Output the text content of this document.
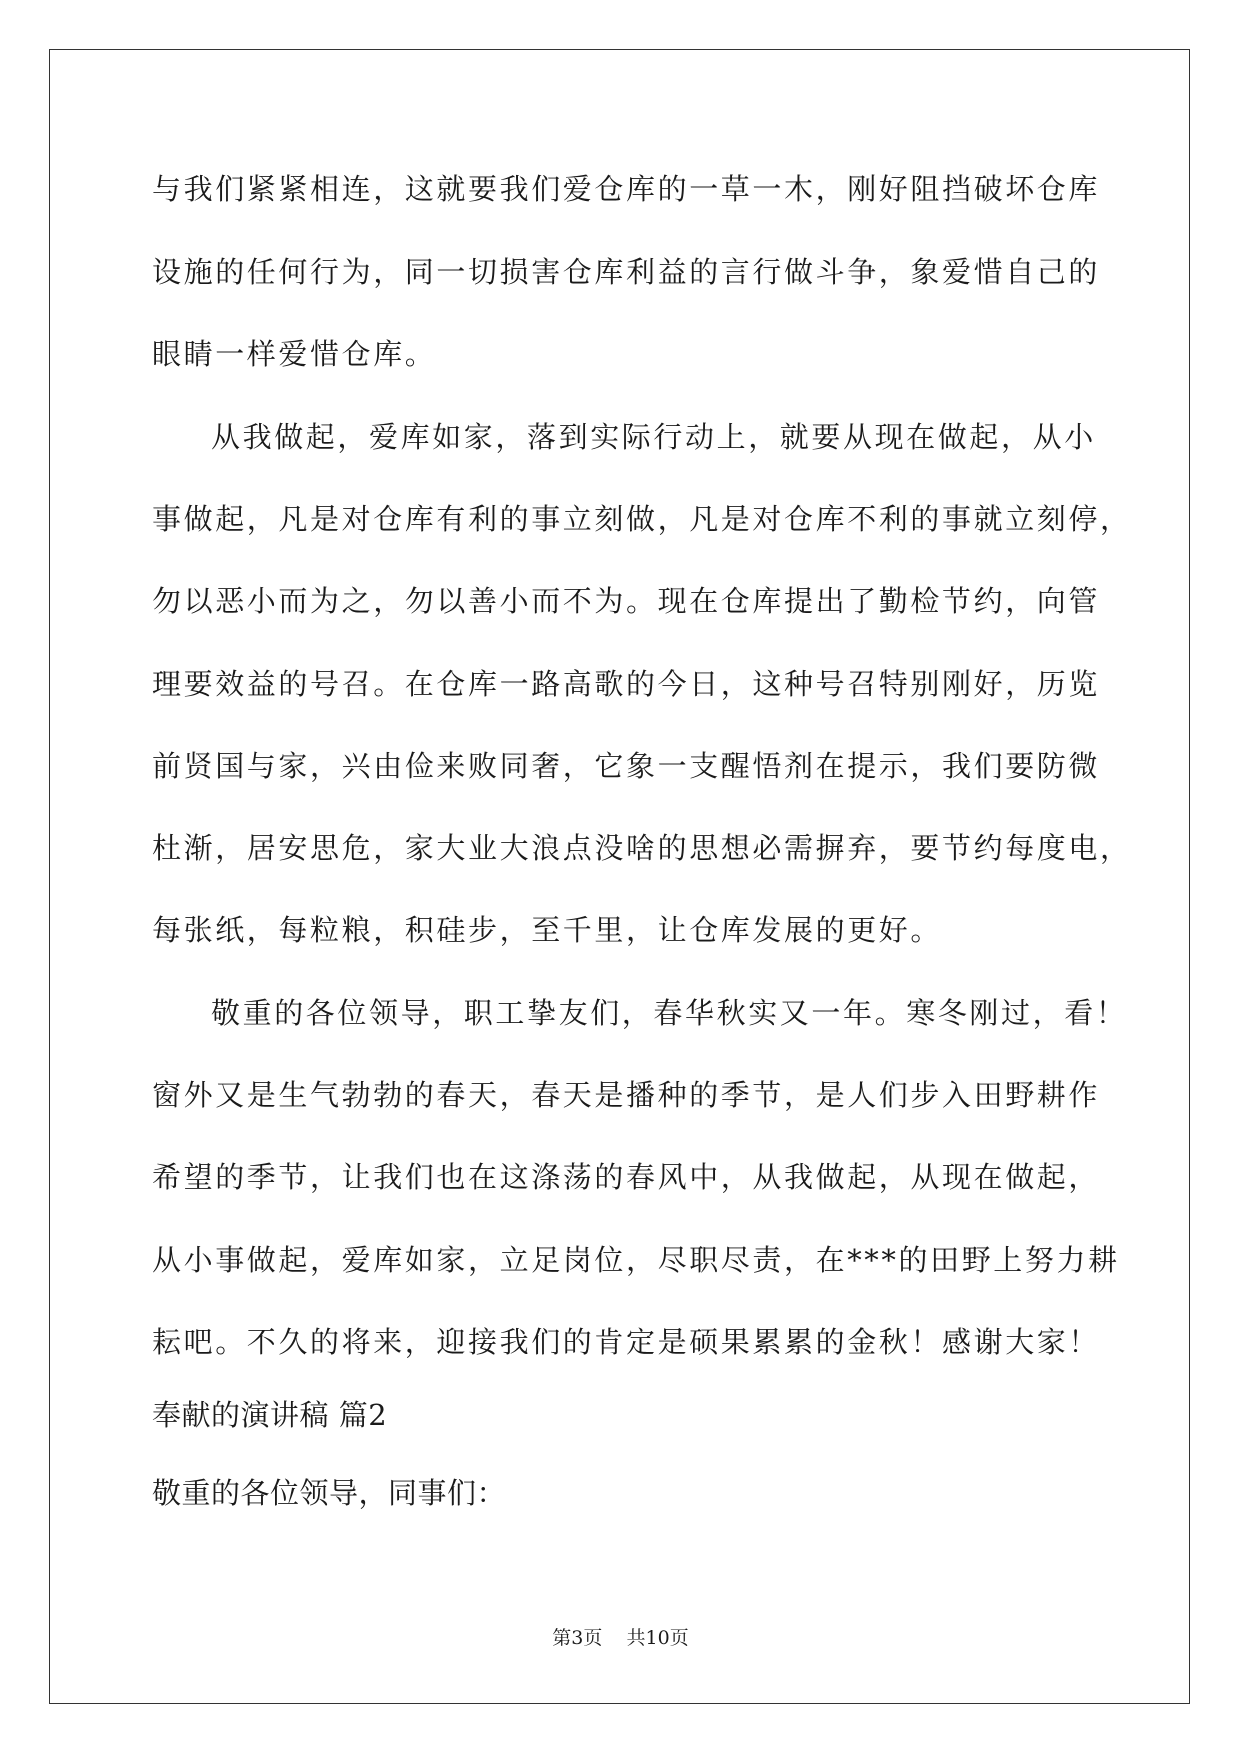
与我们紧紧相连，这就要我们爱仓库的一草一木，刚好阻挡破坏仓库
设施的任何行为，同一切损害仓库利益的言行做斗争，象爱惜自己的
眼睛一样爱惜仓库。
从我做起，爱库如家，落到实际行动上，就要从现在做起，从小
事做起，凡是对仓库有利的事立刻做，凡是对仓库不利的事就立刻停，
勿以恶小而为之，勿以善小而不为。现在仓库提出了勤检节约，向管
理要效益的号召。在仓库一路高歌的今日，这种号召特别刚好，历览
前贤国与家，兴由俭来败同奢，它象一支醒悟剂在提示，我们要防微
杜渐，居安思危，家大业大浪点没啥的思想必需摒弃，要节约每度电，
每张纸，每粒粮，积硅步，至千里，让仓库发展的更好。
敬重的各位领导，职工挚友们，春华秋实又一年。寒冬刚过，看！
窗外又是生气勃勃的春天，春天是播种的季节，是人们步入田野耕作
希望的季节，让我们也在这涤荡的春风中，从我做起，从现在做起，
从小事做起，爱库如家，立足岗位，尽职尽责，在***的田野上努力耕
耘吧。不久的将来，迎接我们的肯定是硕果累累的金秋！感谢大家！
奉献的演讲稿 篇2
敬重的各位领导，同事们：
第3页    共10页
